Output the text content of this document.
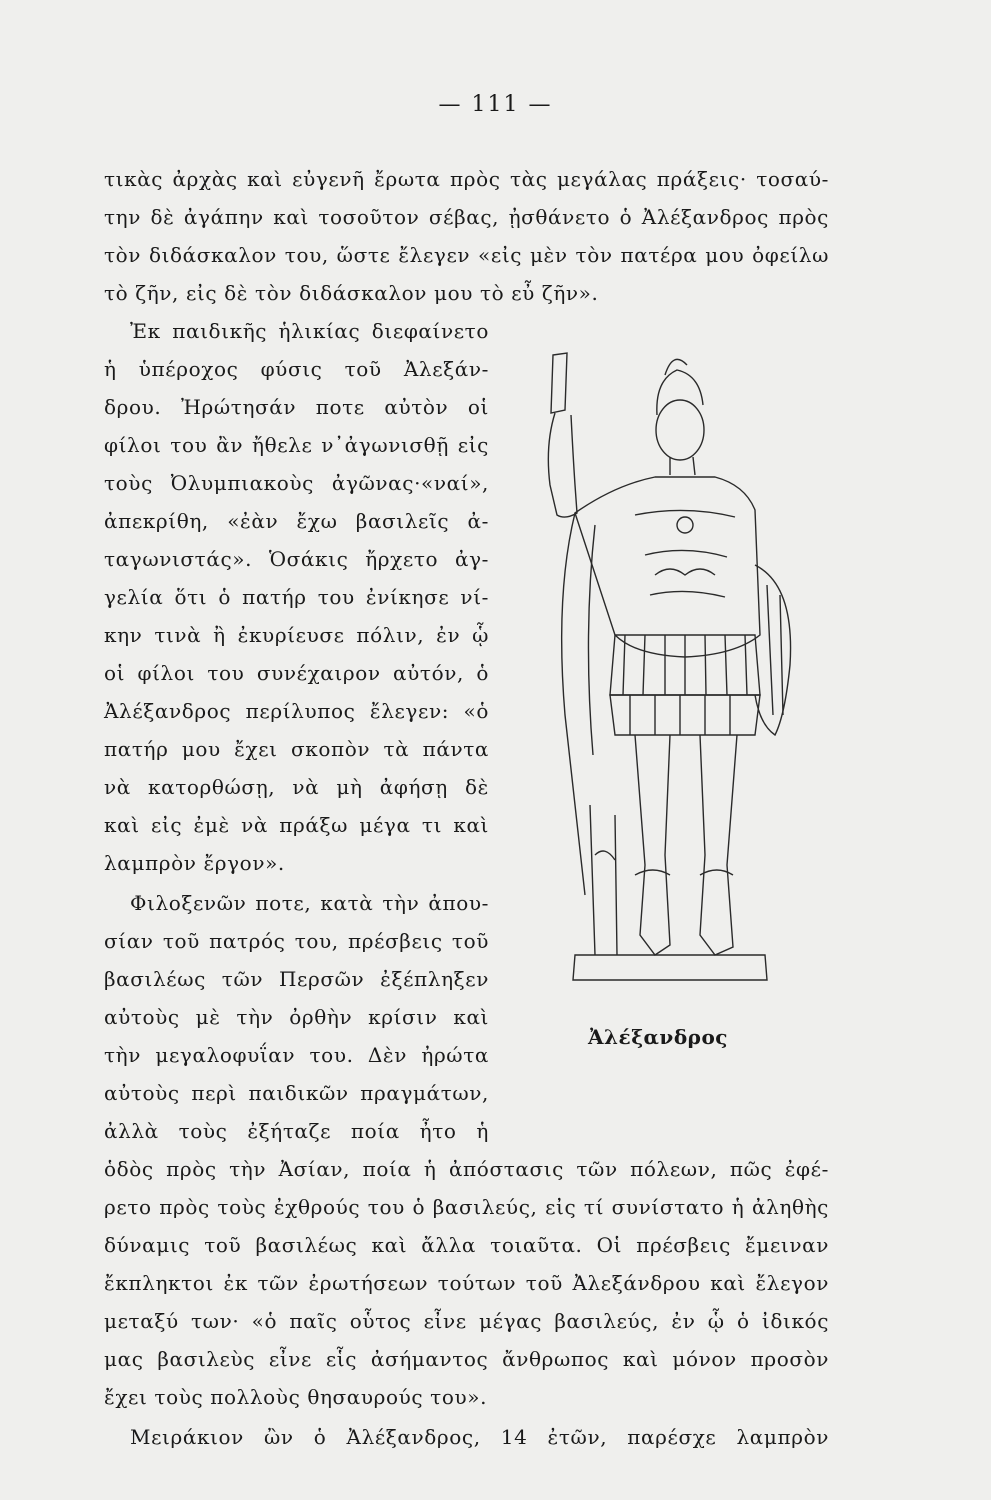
— 111 —
τικὰς ἀρχὰς καὶ εὐγενῆ ἔρωτα πρὸς τὰς μεγάλας πράξεις· τοσαύ-
την δὲ ἀγάπην καὶ τοσοῦτον σέβας, ᾐσθάνετο ὁ Ἀλέξανδρος πρὸς
τὸν διδάσκαλον του, ὥστε ἔλεγεν «εἰς μὲν τὸν πατέρα μου ὀφείλω
τὸ ζῆν, εἰς δὲ τὸν διδάσκαλον μου τὸ εὖ ζῆν».
Ἐκ παιδικῆς ἡλικίας διεφαίνετο
ἡ ὑπέροχος φύσις τοῦ Ἀλεξάν-
δρου. Ἠρώτησάν ποτε αὐτὸν οἱ
φίλοι του ἂν ἤθελε ν᾽ἀγωνισθῇ εἰς
τοὺς Ὀλυμπιακοὺς ἀγῶνας·«ναί»,
ἀπεκρίθη, «ἐὰν ἔχω βασιλεῖς ἀ-
ταγωνιστάς». Ὁσάκις ἤρχετο ἀγ-
γελία ὅτι ὁ πατήρ του ἐνίκησε νί-
κην τινὰ ἢ ἐκυρίευσε πόλιν, ἐν ᾧ
οἱ φίλοι του συνέχαιρον αὐτόν, ὁ
Ἀλέξανδρος περίλυπος ἔλεγεν: «ὁ
πατήρ μου ἔχει σκοπὸν τὰ πάντα
νὰ κατορθώσῃ, νὰ μὴ ἀφήσῃ δὲ
καὶ εἰς ἐμὲ νὰ πράξω μέγα τι καὶ
λαμπρὸν ἔργον».
Φιλοξενῶν ποτε, κατὰ τὴν ἀπου-
σίαν τοῦ πατρός του, πρέσβεις τοῦ
βασιλέως τῶν Περσῶν ἐξέπληξεν
αὐτοὺς μὲ τὴν ὀρθὴν κρίσιν καὶ
τὴν μεγαλοφυΐαν του. Δὲν ἠρώτα
αὐτοὺς περὶ παιδικῶν πραγμάτων,
ἀλλὰ τοὺς ἐξήταζε ποία ἦτο ἡ
Ἀλέξανδρος
ὁδὸς πρὸς τὴν Ἀσίαν, ποία ἡ ἀπόστασις τῶν πόλεων, πῶς ἐφέ-
ρετο πρὸς τοὺς ἐχθρούς του ὁ βασιλεύς, εἰς τί συνίστατο ἡ ἀληθὴς
δύναμις τοῦ βασιλέως καὶ ἄλλα τοιαῦτα. Οἱ πρέσβεις ἔμειναν
ἔκπληκτοι ἐκ τῶν ἐρωτήσεων τούτων τοῦ Ἀλεξάνδρου καὶ ἔλεγον
μεταξύ των· «ὁ παῖς οὗτος εἶνε μέγας βασιλεύς, ἐν ᾧ ὁ ἰδικός
μας βασιλεὺς εἶνε εἷς ἀσήμαντος ἄνθρωπος καὶ μόνον προσὸν
ἔχει τοὺς πολλοὺς θησαυρούς του».
Μειράκιον ὢν ὁ Ἀλέξανδρος, 14 ἐτῶν, παρέσχε λαμπρὸν
